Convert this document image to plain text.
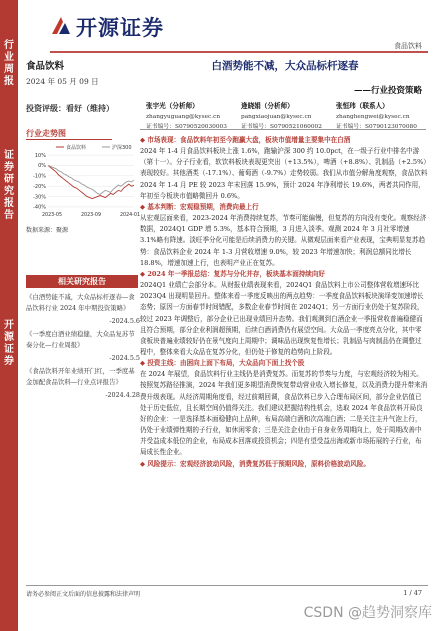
行业周报
证券研究报告
开源证券
开源证券
食品饮料
食品饮料
2024 年 05 月 09 日
投资评级：看好（维持）
行业走势图
食品饮料	沪深300
10%
0%
-10%
-20%
-30%
-40%
2023-05	2023-09	2024-01
数据来源：聚源
相关研究报告

《白酒势能不减，大众品标杆逐春—食品饮料行业 2024 年中期投资策略》

-2024.5.6

《一季度白酒业绩稳健，大众品复苏节奏分化—行业周报》

-2024.5.5

《食品饮料开年业绩开门红，一季度基金加配食品饮料—行业点评报告》

-2024.4.28

白酒势能不减，大众品标杆逐春
——行业投资策略
张宇光（分析师）
zhangyuguang@kysec.cn
证书编号：S0790520030003
逄晓娟（分析师）
pangxiaojuan@kysec.cn
证书编号：S0790521060002
张恒玮（联系人）
zhanghengwei@kysec.cn
证书编号：S0790123070080

◆ 市场表现：食品饮料年初至今跑赢大盘，板块市值增量主要集中在白酒

2024 年 1-4 月食品饮料板块上涨 1.6%，跑输沪深 300 约 10.0pct，在一级子行业中排名中游（第十一）。分子行业看，软饮料板块表现更突出（+13.5%），啤酒（+8.8%）、乳制品（+2.5%）表现较好。其他酒类（-17.1%）、葡萄酒（-9.7%）走势较弱。我们从市值分解角度观察，食品饮料 2024 年 1-4 月 PE 较 2023 年末回落 15.9%，预计 2024 年净利增长 19.6%，两者共同作用，年初至今板块市值略微回升 0.6%。

◆ 基本判断：宏观稳预期，消费向最上行

从宏观层面来看，2023-2024 年消费持续复苏，节奏可能偏慢，但复苏的方向没有变化。观察经济数据，2024Q1 GDP 增 5.3%，基本符合预期，3 月进入淡季。观测 2024 年 3 月社零增速 3.1%略有降速。淡旺季分化可能是后续消费力的关键。从微观层面来看产业表现，宝典明显复苏趋势：食品饮料企业 2024 年 1-3 月营收增速 9.0%，较 2023 年增速加快；利润总额同比增长 18.8%，增速加速上行，也表明产业正在复苏。

◆ 2024 年一季报总结：复苏与分化并存，板块基本面持续向好

2024Q1 业绩亡会部分本。从财报业绩表现来看，2024Q1 食品饮料上市公司整体营收增速环比 2023Q4 出现明显回升。整体来看一季度反映出的两点趋势：一季度食品饮料板块演绎变加速增长态势；原因一方面春节时间错配，多数企业春节时间在 2024Q1；另一方面行业仍处于复苏阶段，较过 2023 年调整后，部分企业已出现业绩回升态势。我们观测到白酒企业一季报营收普遍稳健而且符合预期，部分企业利润超预期，后续白酒消费仍有展望空间。大众品一季度亮点分化，其中零食板块普遍业绩较好仍在景气度向上周期中；调味品出现恢复性增长；乳制品与肉制品仍在调整过程中，整体来看大众品在复苏分化，但仍处于修复的趋势向上阶段。

◆ 投资主线：由困向上面下布局，大众品向下面上找个股

在 2024 年展望，食品饮料行业主线仍是消费复苏。而复苏的节奏与力度，与宏观经济较为相关。按照复苏路径推演，2024 年我们更多期望消费恢复带动营业收入增长修复，以及消费力提升带来消费升级表现。从经济周期角度看，经过前期回调，食品饮料已步入合理布局区间，部分企业估值已处于历史低位，且长期空间仍值得关注。我们建议把握结构性机会，选取 2024 年食品饮料开局良好的企业：一是选择基本面稳健向上品种，布局高端白酒和次高端白酒；二是关注主升气泡上行，仍处于业绩弹性期的子行业，如休闲零食；三是关注企业由于自身业务周期向上，处于周期改善中并受益成本低位的企业，布局成本回落或投资机会；四是有望受益出海或新市场拓展的子行业，布局成长性企业。

◆ 风险提示：宏观经济波动风险，消费复苏低于预期风险，原料价格波动风险。

请务必参阅正文后面的信息披露和法律声明	1 / 47
CSDN @趋势洞察库
